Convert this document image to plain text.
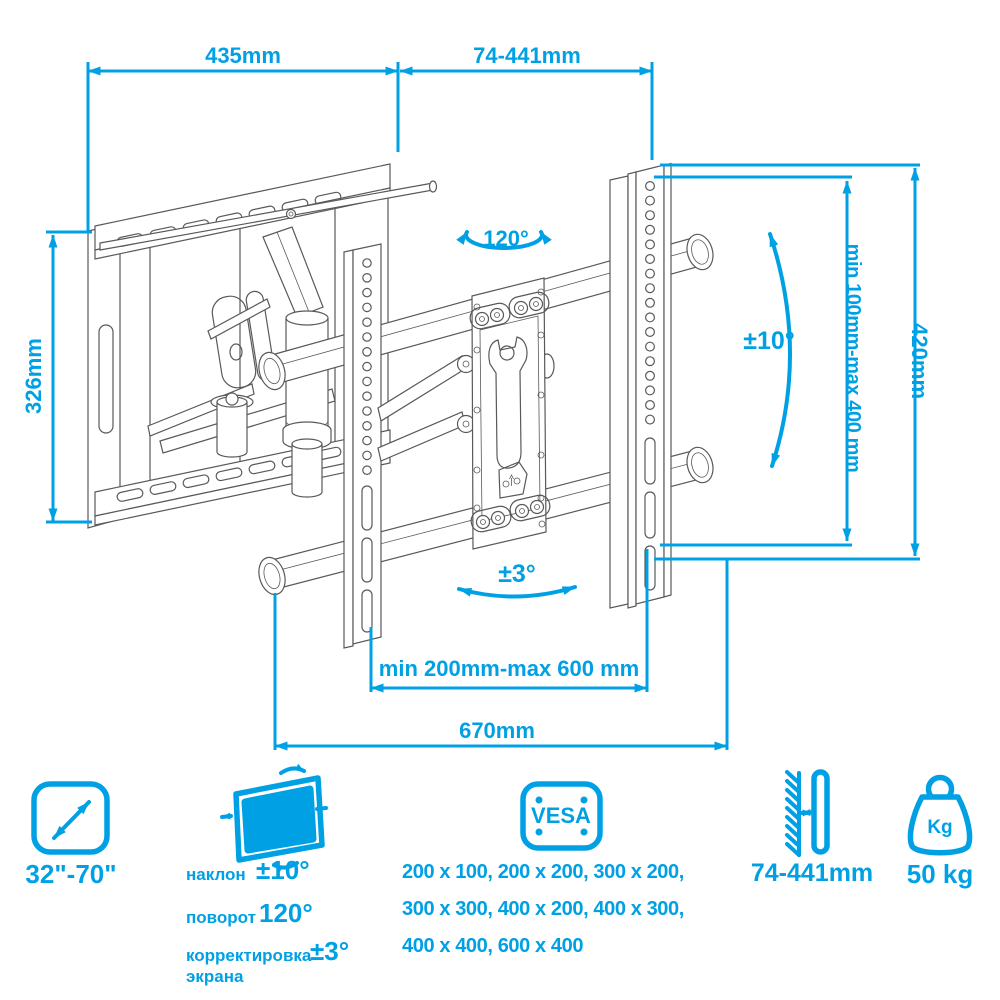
435mm	74-441mm
326mm	min 100mm-max 400 mm 420mm
120°
±10°
±3°
min 200mm-max 600 mm
670mm
32"-70"	наклон ±10°
поворот 120°
корректировка
±3°
экрана
VESA
200 x 100, 200 x 200, 300 x 200,
300 x 300, 400 x 200, 400 x 300,
400 x 400, 600 x 400
74-441mm
Kg
50 kg
